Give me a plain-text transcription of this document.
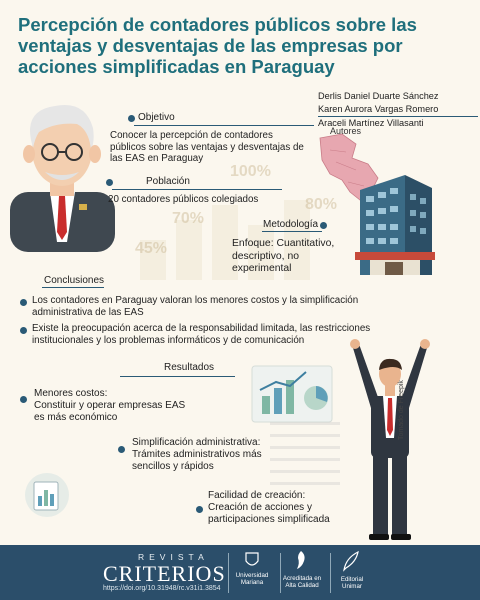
100%
70%
45%
80%
Percepción de contadores públicos sobre las ventajas y desventajas de las empresas por acciones simplificadas en Paraguay
Derlis Daniel Duarte Sánchez
Karen Aurora Vargas Romero
Araceli Martínez Villasanti
Autores
Objetivo
Conocer la percepción de contadores públicos sobre las ventajas y desventajas de las EAS en Paraguay
Población
20 contadores públicos colegiados
Metodología
Enfoque: Cuantitativo, descriptivo, no experimental
Conclusiones
Los contadores en Paraguay valoran los menores costos y la simplificación administrativa de las EAS
Existe la preocupación acerca de la responsabilidad limitada, las restricciones institucionales y los problemas informáticos y de comunicación
Resultados
Menores costos:
Constituir y operar empresas EAS es más económico
Simplificación administrativa:
Trámites administrativos más sencillos y rápidos
Facilidad de creación:
Creación de acciones y participaciones simplificada
Tomado de Freepik
REVISTA
CRITERIOS
https://doi.org/10.31948/rc.v31i1.3854
Universidad Mariana
Acreditada en Alta Calidad
Editorial Unimar
